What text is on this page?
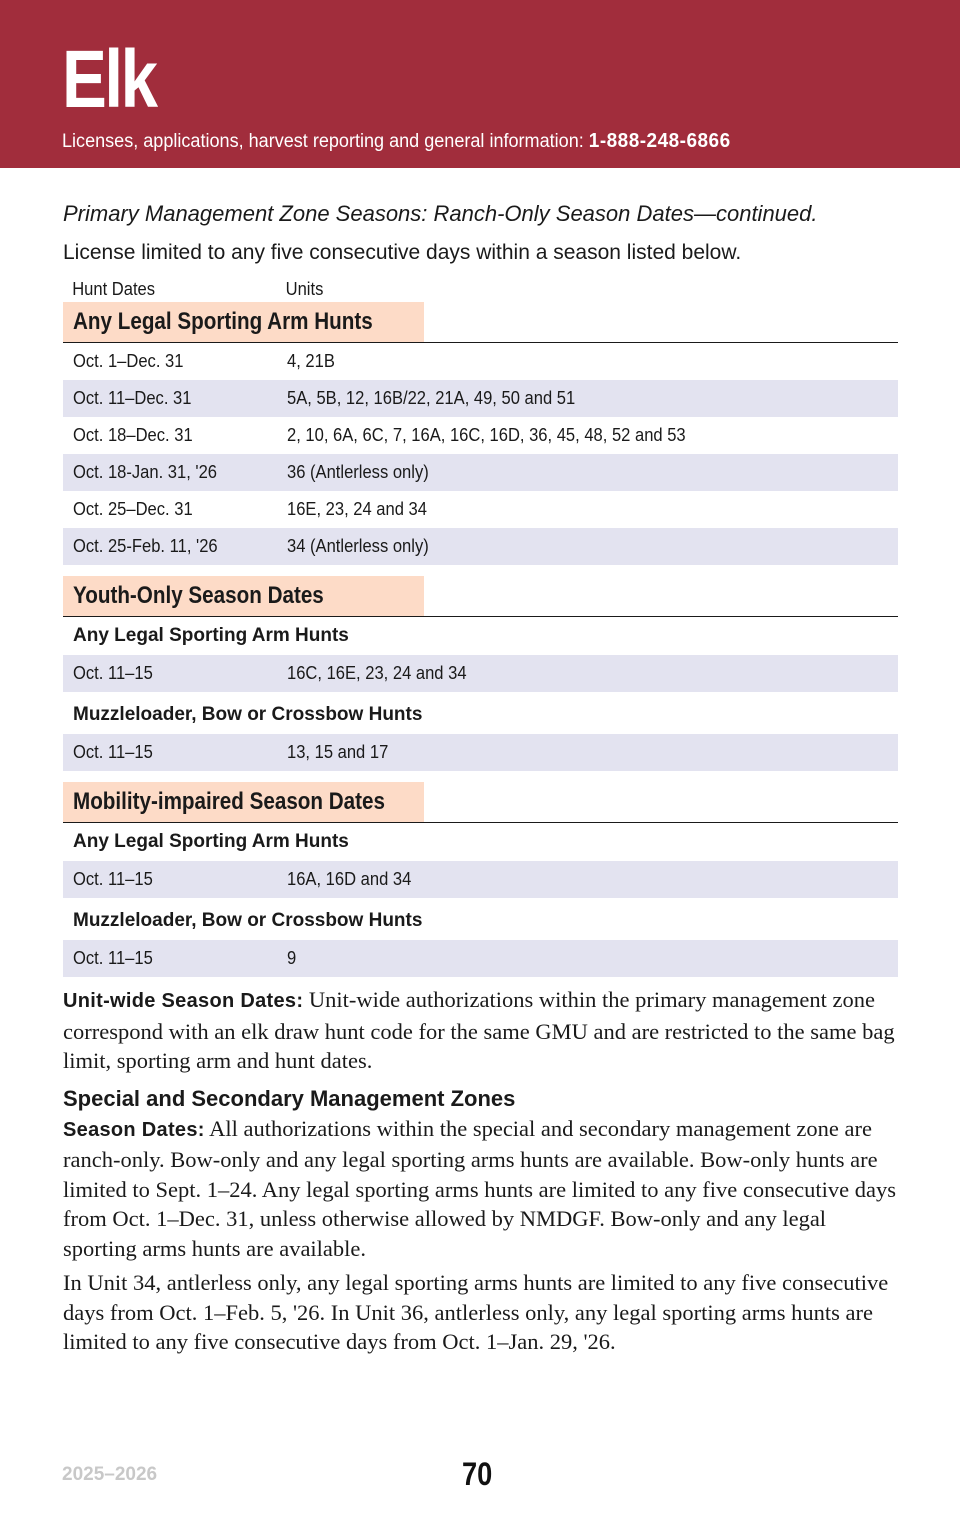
Elk
Licenses, applications, harvest reporting and general information: 1-888-248-6866

Primary Management Zone Seasons: Ranch-Only Season Dates—continued.

License limited to any five consecutive days within a season listed below.

Hunt Dates	Units
Any Legal Sporting Arm Hunts
Oct. 1–Dec. 31	4, 21B
Oct. 11–Dec. 31	5A, 5B, 12, 16B/22, 21A, 49, 50 and 51
Oct. 18–Dec. 31	2, 10, 6A, 6C, 7, 16A, 16C, 16D, 36, 45, 48, 52 and 53
Oct. 18-Jan. 31, '26	36 (Antlerless only)
Oct. 25–Dec. 31	16E, 23, 24 and 34
Oct. 25-Feb. 11, '26	34 (Antlerless only)
Youth-Only Season Dates
Any Legal Sporting Arm Hunts
Oct. 11–15	16C, 16E, 23, 24 and 34
Muzzleloader, Bow or Crossbow Hunts
Oct. 11–15	13, 15 and 17
Mobility-impaired Season Dates
Any Legal Sporting Arm Hunts
Oct. 11–15	16A, 16D and 34
Muzzleloader, Bow or Crossbow Hunts
Oct. 11–15	9

Unit-wide Season Dates: Unit-wide authorizations within the primary management zone correspond with an elk draw hunt code for the same GMU and are restricted to the same bag limit, sporting arm and hunt dates.

Special and Secondary Management Zones

Season Dates: All authorizations within the special and secondary management zone are ranch-only. Bow-only and any legal sporting arms hunts are available. Bow-only hunts are limited to Sept. 1–24. Any legal sporting arms hunts are limited to any five consecutive days from Oct. 1–Dec. 31, unless otherwise allowed by NMDGF. Bow-only and any legal sporting arms hunts are available.

In Unit 34, antlerless only, any legal sporting arms hunts are limited to any five consecutive days from Oct. 1–Feb. 5, '26. In Unit 36, antlerless only, any legal sporting arms hunts are limited to any five consecutive days from Oct. 1–Jan. 29, '26.

2025–2026	70
